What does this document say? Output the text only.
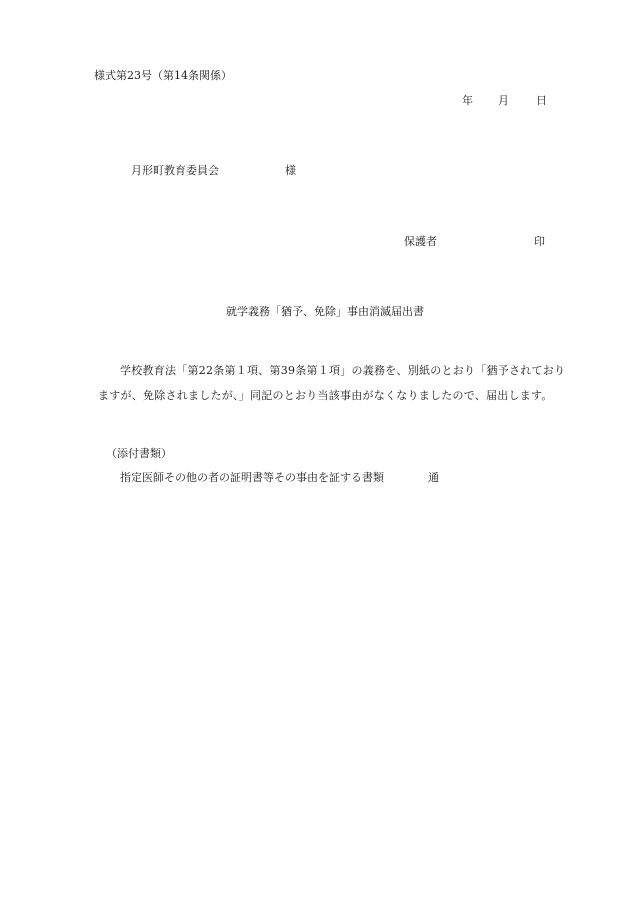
様式第23号（第14条関係）
年 月 日
月形町教育委員会	様
保護者	印
就学義務「猶予、免除」事由消滅届出書

学校教育法「第22条第１項、第39条第１項」の義務を、別紙のとおり「猶予されておりますが、免除されましたが、」同記のとおり当該事由がなくなりましたので、届出します。

（添付書類）
指定医師その他の者の証明書等その事由を証する書類	通
